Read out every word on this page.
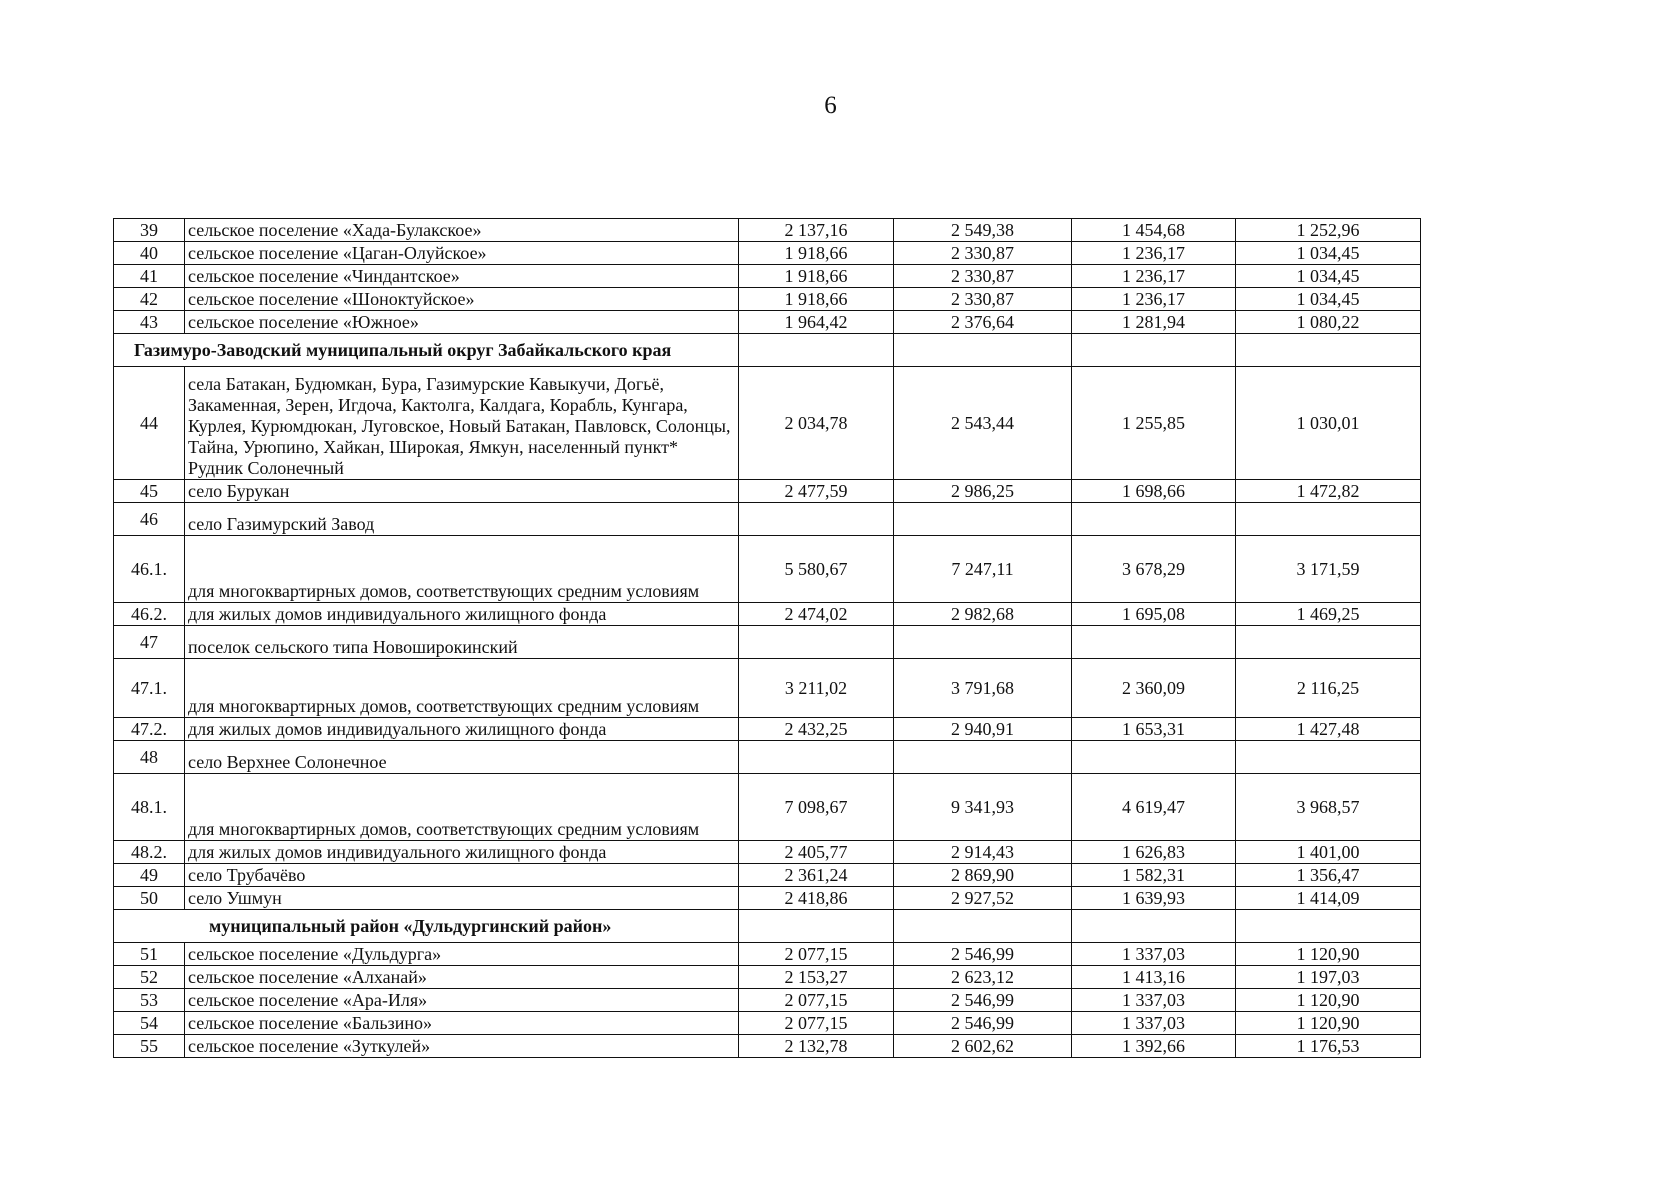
6
39	сельское поселение «Хада-Булакское»	2 137,16	2 549,38	1 454,68	1 252,96
40	сельское поселение «Цаган-Олуйское»	1 918,66	2 330,87	1 236,17	1 034,45
41	сельское поселение «Чиндантское»	1 918,66	2 330,87	1 236,17	1 034,45
42	сельское поселение «Шоноктуйское»	1 918,66	2 330,87	1 236,17	1 034,45
43	сельское поселение «Южное»	1 964,42	2 376,64	1 281,94	1 080,22
Газимуро-Заводский муниципальный округ Забайкальского края					
44	села Батакан, Будюмкан, Бура, Газимурские Кавыкучи, Догьё, Закаменная, Зерен, Игдоча, Кактолга, Калдага, Корабль, Кунгара, Курлея, Курюмдюкан, Луговское, Новый Батакан, Павловск, Солонцы, Тайна, Урюпино, Хайкан, Широкая, Ямкун, населенный пункт* Рудник Солонечный	2 034,78	2 543,44	1 255,85	1 030,01
45	село Бурукан	2 477,59	2 986,25	1 698,66	1 472,82
46	село Газимурский Завод				
46.1.	для многоквартирных домов, соответствующих средним условиям	5 580,67	7 247,11	3 678,29	3 171,59
46.2.	для жилых домов индивидуального жилищного фонда	2 474,02	2 982,68	1 695,08	1 469,25
47	поселок сельского типа Новоширокинский				
47.1.	для многоквартирных домов, соответствующих средним условиям	3 211,02	3 791,68	2 360,09	2 116,25
47.2.	для жилых домов индивидуального жилищного фонда	2 432,25	2 940,91	1 653,31	1 427,48
48	село Верхнее Солонечное				
48.1.	для многоквартирных домов, соответствующих средним условиям	7 098,67	9 341,93	4 619,47	3 968,57
48.2.	для жилых домов индивидуального жилищного фонда	2 405,77	2 914,43	1 626,83	1 401,00
49	село Трубачёво	2 361,24	2 869,90	1 582,31	1 356,47
50	село Ушмун	2 418,86	2 927,52	1 639,93	1 414,09
муниципальный район «Дульдургинский район»					
51	сельское поселение «Дульдурга»	2 077,15	2 546,99	1 337,03	1 120,90
52	сельское поселение «Алханай»	2 153,27	2 623,12	1 413,16	1 197,03
53	сельское поселение «Ара-Иля»	2 077,15	2 546,99	1 337,03	1 120,90
54	сельское поселение «Бальзино»	2 077,15	2 546,99	1 337,03	1 120,90
55	сельское поселение «Зуткулей»	2 132,78	2 602,62	1 392,66	1 176,53
